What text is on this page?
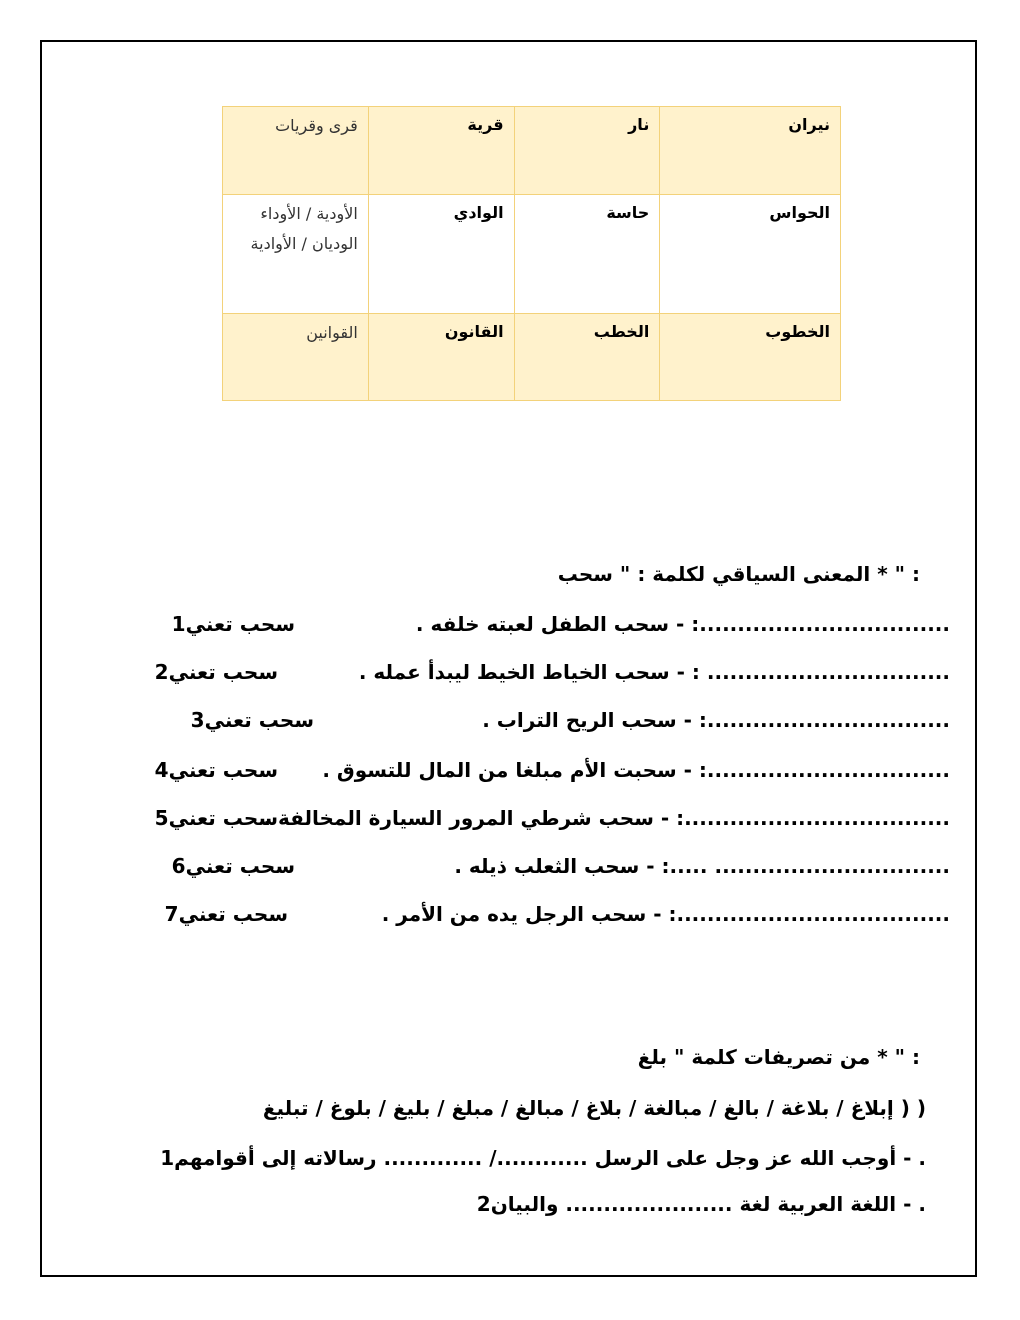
نيران	نار	قرية	قرى وقريات
الحواس	حاسة	الوادي	الأودية / الأوداء
الوديان / الأوادية

الخطوب	الخطب	القانون	القوانين
: " * المعنى السياقي لكلمة : " سحب
.................................: - سحب الطفل لعبته خلفه .
سحب تعني1
................................ : - سحب الخياط الخيط ليبدأ عمله .
سحب تعني2
................................: - سحب الريح التراب .
سحب تعني3
................................: - سحبت الأم مبلغا من المال للتسوق .
سحب تعني4
...................................: - سحب شرطي المرور السيارة المخالفة .
سحب تعني5
............................... .....: - سحب الثعلب ذيله .
سحب تعني6
....................................: - سحب الرجل يده من الأمر .
سحب تعني7
: " * من تصريفات كلمة " بلغ
( ( إبلاغ / بلاغة / بالغ / مبالغة / بلاغ / مبالغ / مبلغ / بليغ / بلوغ / تبليغ
. - أوجب الله عز وجل على الرسل ............/ ............. رسالاته إلى أقوامهم1
. - اللغة العربية لغة ...................... والبيان2
